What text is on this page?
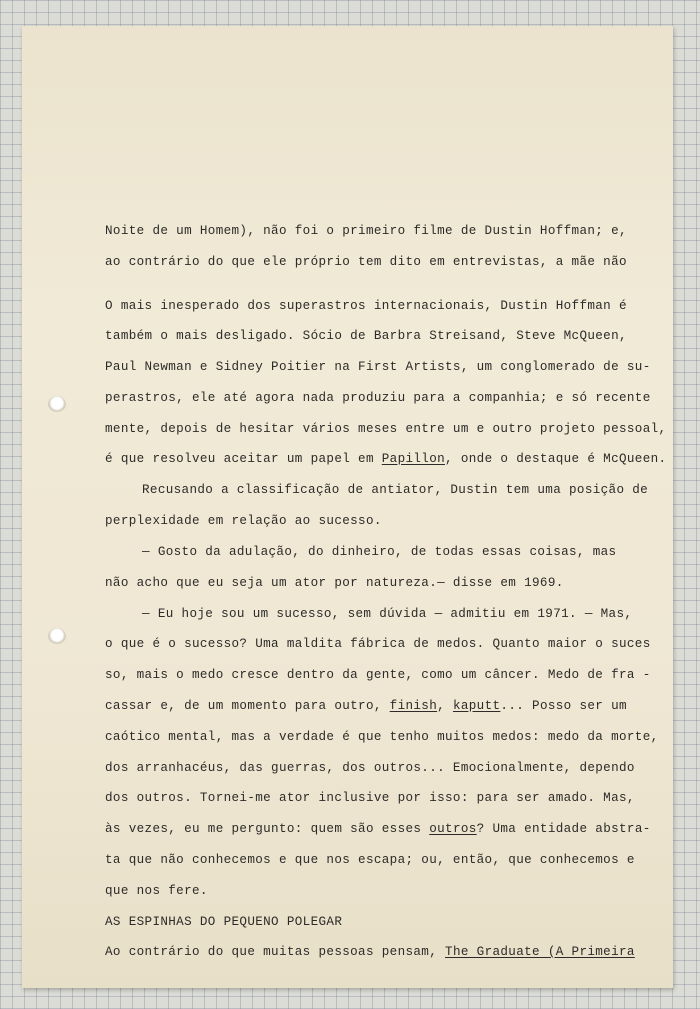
Noite de um Homem), não foi o primeiro filme de Dustin Hoffman; e,
ao contrário do que ele próprio tem dito em entrevistas, a mãe não
O mais inesperado dos superastros internacionais, Dustin Hoffman é
também o mais desligado. Sócio de Barbra Streisand, Steve McQueen,
Paul Newman e Sidney Poitier na First Artists, um conglomerado de su-
perastros, ele até agora nada produziu para a companhia; e só recente
mente, depois de hesitar vários meses entre um e outro projeto pessoal,
é que resolveu aceitar um papel em Papillon, onde o destaque é McQueen.
Recusando a classificação de antiator, Dustin tem uma posição de
perplexidade em relação ao sucesso.
— Gosto da adulação, do dinheiro, de todas essas coisas, mas
não acho que eu seja um ator por natureza.— disse em 1969.
— Eu hoje sou um sucesso, sem dúvida — admitiu em 1971. — Mas,
o que é o sucesso? Uma maldita fábrica de medos. Quanto maior o suces
so, mais o medo cresce dentro da gente, como um câncer. Medo de fra -
cassar e, de um momento para outro, finish, kaputt... Posso ser um
caótico mental, mas a verdade é que tenho muitos medos: medo da morte,
dos arranhacéus, das guerras, dos outros... Emocionalmente, dependo
dos outros. Tornei-me ator inclusive por isso: para ser amado. Mas,
às vezes, eu me pergunto: quem são esses outros? Uma entidade abstra-
ta que não conhecemos e que nos escapa; ou, então, que conhecemos e
que nos fere.
AS ESPINHAS DO PEQUENO POLEGAR
Ao contrário do que muitas pessoas pensam, The Graduate (A Primeira
